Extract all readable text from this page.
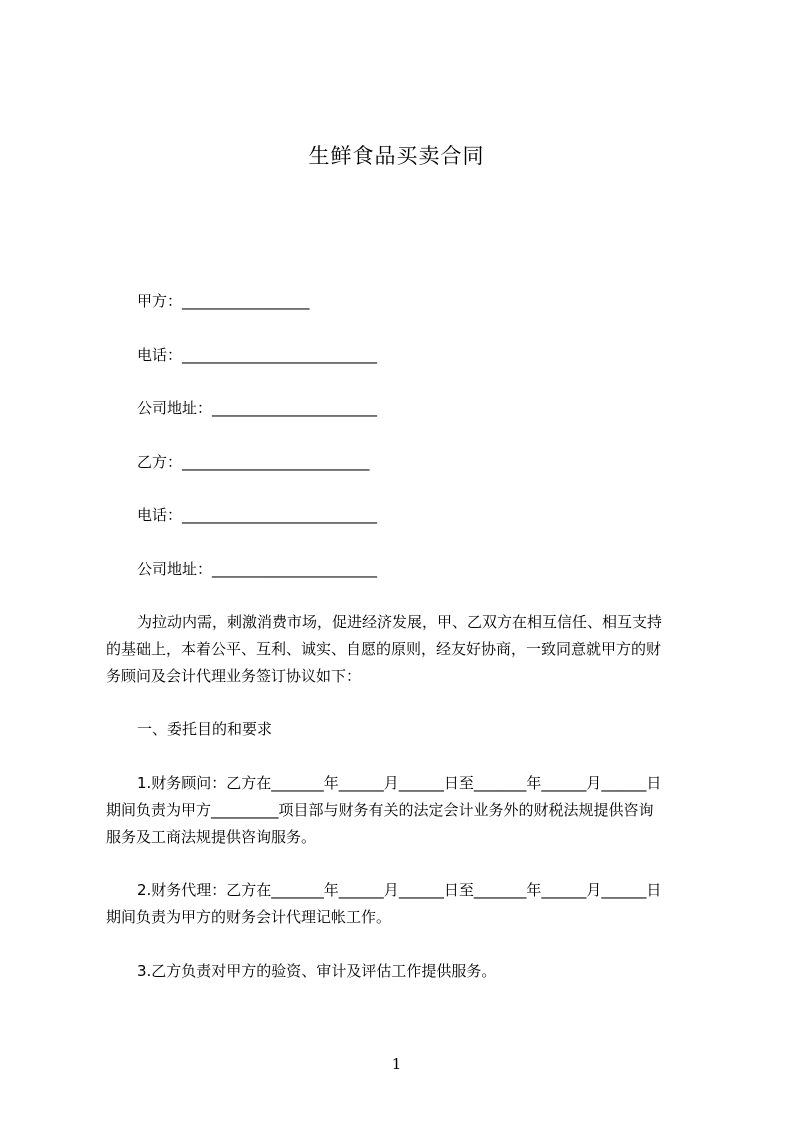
生鲜食品买卖合同
甲方：_________________
电话：__________________________
公司地址：______________________
乙方：_________________________
电话：__________________________
公司地址：______________________
为拉动内需，刺激消费市场，促进经济发展，甲、乙双方在相互信任、相互支持
的基础上，本着公平、互利、诚实、自愿的原则，经友好协商，一致同意就甲方的财
务顾问及会计代理业务签订协议如下：
一、委托目的和要求
1.财务顾问：乙方在_______年______月______日至_______年______月______日
期间负责为甲方_________项目部与财务有关的法定会计业务外的财税法规提供咨询
服务及工商法规提供咨询服务。
2.财务代理：乙方在_______年______月______日至_______年______月______日
期间负责为甲方的财务会计代理记帐工作。
3.乙方负责对甲方的验资、审计及评估工作提供服务。
1
